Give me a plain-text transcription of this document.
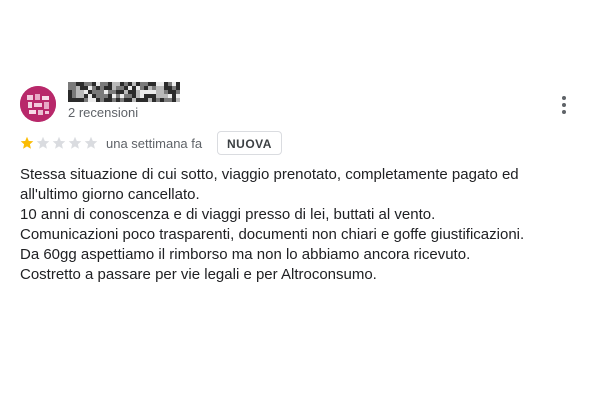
2 recensioni
una settimana fa	NUOVA
Stessa situazione di cui sotto, viaggio prenotato, completamente pagato ed
all'ultimo giorno cancellato.
10 anni di conoscenza e di viaggi presso di lei, buttati al vento.
Comunicazioni poco trasparenti, documenti non chiari e goffe giustificazioni.
Da 60gg aspettiamo il rimborso ma non lo abbiamo ancora ricevuto.
Costretto a passare per vie legali e per Altroconsumo.
